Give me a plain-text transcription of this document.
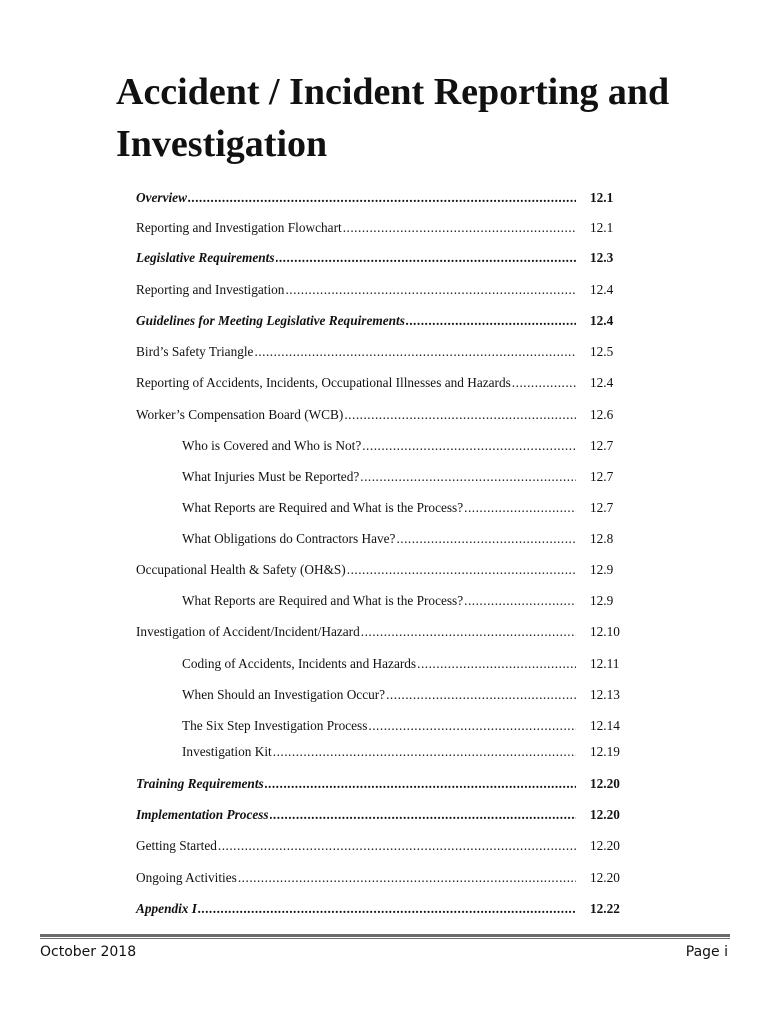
Accident / Incident Reporting and Investigation
Overview .....	12.1
Reporting and Investigation Flowchart .....	12.1
Legislative Requirements .....	12.3
Reporting and Investigation .....	12.4
Guidelines for Meeting Legislative Requirements .....	12.4
Bird’s Safety Triangle .....	12.5
Reporting of Accidents, Incidents, Occupational Illnesses and Hazards .....	12.4
Worker’s Compensation Board (WCB) .....	12.6
Who is Covered and Who is Not? .....	12.7
What Injuries Must be Reported? .....	12.7
What Reports are Required and What is the Process? .....	12.7
What Obligations do Contractors Have? .....	12.8
Occupational Health & Safety (OH&S) .....	12.9
What Reports are Required and What is the Process? .....	12.9
Investigation of Accident/Incident/Hazard .....	12.10
Coding of Accidents, Incidents and Hazards .....	12.11
When Should an Investigation Occur? .....	12.13
The Six Step Investigation Process .....	12.14
Investigation Kit .....	12.19
Training Requirements .....	12.20
Implementation Process .....	12.20
Getting Started .....	12.20
Ongoing Activities .....	12.20
Appendix I .....	12.22
October 2018	Page i
